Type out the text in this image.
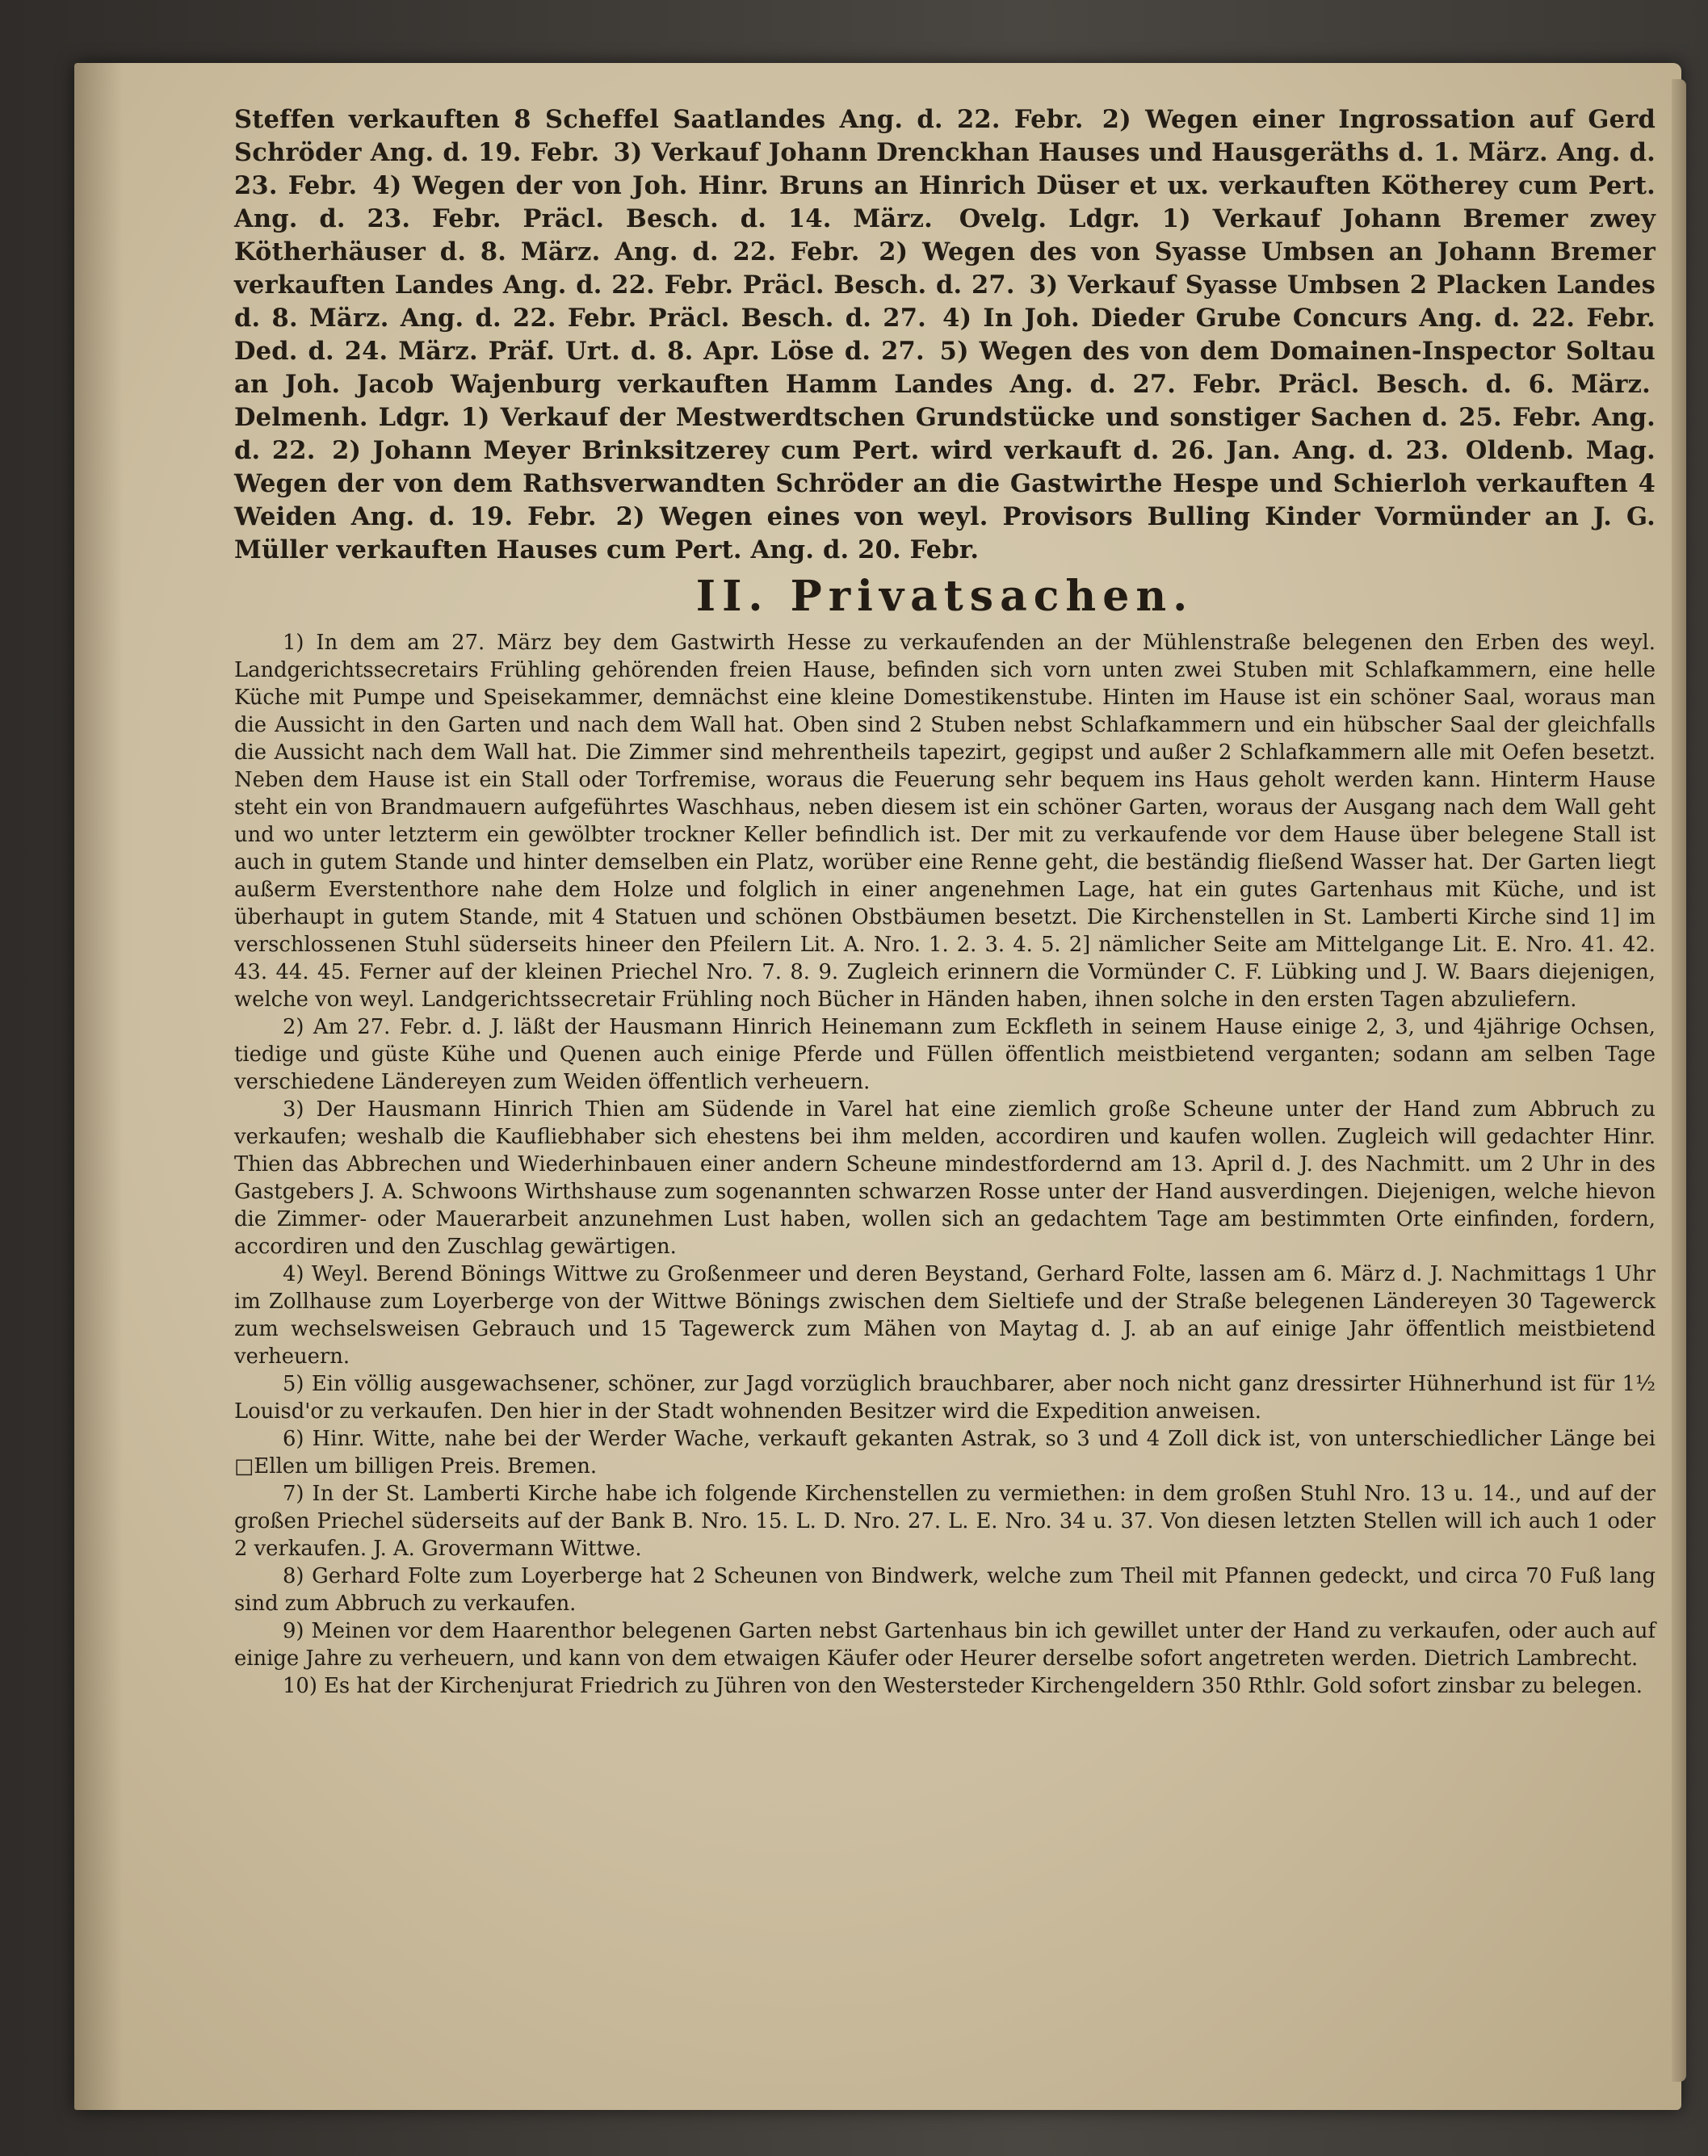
Steffen verkauften 8 Scheffel Saatlandes Ang. d. 22. Febr. 2) Wegen einer Ingrossation auf Gerd Schröder Ang. d. 19. Febr. 3) Verkauf Johann Drenckhan Hauses und Hausgeräths d. 1. März. Ang. d. 23. Febr. 4) Wegen der von Joh. Hinr. Bruns an Hinrich Düser et ux. verkauften Kötherey cum Pert. Ang. d. 23. Febr. Präcl. Besch. d. 14. März. Ovelg. Ldgr. 1) Verkauf Johann Bremer zwey Kötherhäuser d. 8. März. Ang. d. 22. Febr. 2) Wegen des von Syasse Umbsen an Johann Bremer verkauften Landes Ang. d. 22. Febr. Präcl. Besch. d. 27. 3) Verkauf Syasse Umbsen 2 Placken Landes d. 8. März. Ang. d. 22. Febr. Präcl. Besch. d. 27. 4) In Joh. Dieder Grube Concurs Ang. d. 22. Febr. Ded. d. 24. März. Präf. Urt. d. 8. Apr. Löse d. 27. 5) Wegen des von dem Domainen-Inspector Soltau an Joh. Jacob Wajenburg verkauften Hamm Landes Ang. d. 27. Febr. Präcl. Besch. d. 6. März. Delmenh. Ldgr. 1) Verkauf der Mestwerdtschen Grundstücke und sonstiger Sachen d. 25. Febr. Ang. d. 22. 2) Johann Meyer Brinksitzerey cum Pert. wird verkauft d. 26. Jan. Ang. d. 23. Oldenb. Mag. Wegen der von dem Rathsverwandten Schröder an die Gastwirthe Hespe und Schierloh verkauften 4 Weiden Ang. d. 19. Febr. 2) Wegen eines von weyl. Provisors Bulling Kinder Vormünder an J. G. Müller verkauften Hauses cum Pert. Ang. d. 20. Febr.

II. Privatsachen.

1) In dem am 27. März bey dem Gastwirth Hesse zu verkaufenden an der Mühlenstraße belegenen den Erben des weyl. Landgerichtssecretairs Frühling gehörenden freien Hause, befinden sich vorn unten zwei Stuben mit Schlafkammern, eine helle Küche mit Pumpe und Speisekammer, demnächst eine kleine Domestikenstube. Hinten im Hause ist ein schöner Saal, woraus man die Aussicht in den Garten und nach dem Wall hat. Oben sind 2 Stuben nebst Schlafkammern und ein hübscher Saal der gleichfalls die Aussicht nach dem Wall hat. Die Zimmer sind mehrentheils tapezirt, gegipst und außer 2 Schlafkammern alle mit Oefen besetzt. Neben dem Hause ist ein Stall oder Torfremise, woraus die Feuerung sehr bequem ins Haus geholt werden kann. Hinterm Hause steht ein von Brandmauern aufgeführtes Waschhaus, neben diesem ist ein schöner Garten, woraus der Ausgang nach dem Wall geht und wo unter letzterm ein gewölbter trockner Keller befindlich ist. Der mit zu verkaufende vor dem Hause über belegene Stall ist auch in gutem Stande und hinter demselben ein Platz, worüber eine Renne geht, die beständig fließend Wasser hat. Der Garten liegt außerm Everstenthore nahe dem Holze und folglich in einer angenehmen Lage, hat ein gutes Gartenhaus mit Küche, und ist überhaupt in gutem Stande, mit 4 Statuen und schönen Obstbäumen besetzt. Die Kirchenstellen in St. Lamberti Kirche sind 1] im verschlossenen Stuhl süderseits hineer den Pfeilern Lit. A. Nro. 1. 2. 3. 4. 5. 2] nämlicher Seite am Mittelgange Lit. E. Nro. 41. 42. 43. 44. 45. Ferner auf der kleinen Priechel Nro. 7. 8. 9. Zugleich erinnern die Vormünder C. F. Lübking und J. W. Baars diejenigen, welche von weyl. Landgerichtssecretair Frühling noch Bücher in Händen haben, ihnen solche in den ersten Tagen abzuliefern.

2) Am 27. Febr. d. J. läßt der Hausmann Hinrich Heinemann zum Eckfleth in seinem Hause einige 2, 3, und 4jährige Ochsen, tiedige und güste Kühe und Quenen auch einige Pferde und Füllen öffentlich meistbietend verganten; sodann am selben Tage verschiedene Ländereyen zum Weiden öffentlich verheuern.

3) Der Hausmann Hinrich Thien am Südende in Varel hat eine ziemlich große Scheune unter der Hand zum Abbruch zu verkaufen; weshalb die Kaufliebhaber sich ehestens bei ihm melden, accordiren und kaufen wollen. Zugleich will gedachter Hinr. Thien das Abbrechen und Wiederhinbauen einer andern Scheune mindestfordernd am 13. April d. J. des Nachmitt. um 2 Uhr in des Gastgebers J. A. Schwoons Wirthshause zum sogenannten schwarzen Rosse unter der Hand ausverdingen. Diejenigen, welche hievon die Zimmer- oder Mauerarbeit anzunehmen Lust haben, wollen sich an gedachtem Tage am bestimmten Orte einfinden, fordern, accordiren und den Zuschlag gewärtigen.

4) Weyl. Berend Bönings Wittwe zu Großenmeer und deren Beystand, Gerhard Folte, lassen am 6. März d. J. Nachmittags 1 Uhr im Zollhause zum Loyerberge von der Wittwe Bönings zwischen dem Sieltiefe und der Straße belegenen Ländereyen 30 Tagewerck zum wechselsweisen Gebrauch und 15 Tagewerck zum Mähen von Maytag d. J. ab an auf einige Jahr öffentlich meistbietend verheuern.

5) Ein völlig ausgewachsener, schöner, zur Jagd vorzüglich brauchbarer, aber noch nicht ganz dressirter Hühnerhund ist für 1½ Louisd'or zu verkaufen. Den hier in der Stadt wohnenden Besitzer wird die Expedition anweisen.

6) Hinr. Witte, nahe bei der Werder Wache, verkauft gekanten Astrak, so 3 und 4 Zoll dick ist, von unterschiedlicher Länge bei □Ellen um billigen Preis. Bremen.

7) In der St. Lamberti Kirche habe ich folgende Kirchenstellen zu vermiethen: in dem großen Stuhl Nro. 13 u. 14., und auf der großen Priechel süderseits auf der Bank B. Nro. 15. L. D. Nro. 27. L. E. Nro. 34 u. 37. Von diesen letzten Stellen will ich auch 1 oder 2 verkaufen. J. A. Grovermann Wittwe.

8) Gerhard Folte zum Loyerberge hat 2 Scheunen von Bindwerk, welche zum Theil mit Pfannen gedeckt, und circa 70 Fuß lang sind zum Abbruch zu verkaufen.

9) Meinen vor dem Haarenthor belegenen Garten nebst Gartenhaus bin ich gewillet unter der Hand zu verkaufen, oder auch auf einige Jahre zu verheuern, und kann von dem etwaigen Käufer oder Heurer derselbe sofort angetreten werden. Dietrich Lambrecht.

10) Es hat der Kirchenjurat Friedrich zu Jühren von den Westersteder Kirchengeldern 350 Rthlr. Gold sofort zinsbar zu belegen.
